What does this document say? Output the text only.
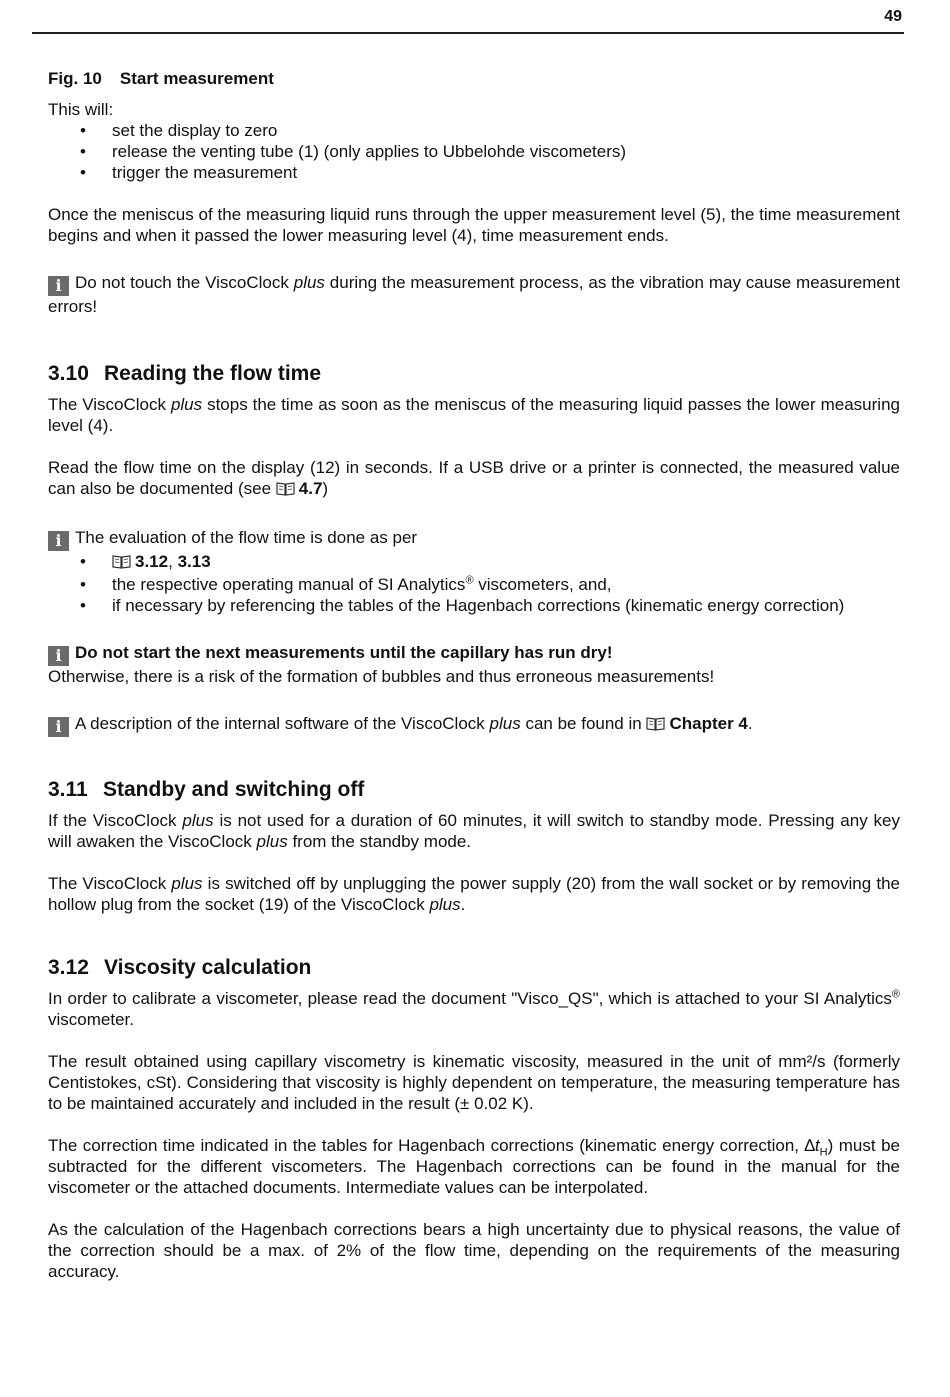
49

Fig. 10 Start measurement

This will:

• set the display to zero
• release the venting tube (1) (only applies to Ubbelohde viscometers)
• trigger the measurement

Once the meniscus of the measuring liquid runs through the upper measurement level (5), the time measurement begins and when it passed the lower measuring level (4), time measurement ends.

i Do not touch the ViscoClock plus during the measurement process, as the vibration may cause measurement errors!

3.10 Reading the flow time

The ViscoClock plus stops the time as soon as the meniscus of the measuring liquid passes the lower measuring level (4).

Read the flow time on the display (12) in seconds. If a USB drive or a printer is connected, the measured value can also be documented (see 4.7)

i The evaluation of the flow time is done as per

• 3.12, 3.13
• the respective operating manual of SI Analytics® viscometers, and,
• if necessary by referencing the tables of the Hagenbach corrections (kinematic energy correction)

i Do not start the next measurements until the capillary has run dry!

Otherwise, there is a risk of the formation of bubbles and thus erroneous measurements!

i A description of the internal software of the ViscoClock plus can be found in Chapter 4.

3.11 Standby and switching off

If the ViscoClock plus is not used for a duration of 60 minutes, it will switch to standby mode. Pressing any key will awaken the ViscoClock plus from the standby mode.

The ViscoClock plus is switched off by unplugging the power supply (20) from the wall socket or by removing the hollow plug from the socket (19) of the ViscoClock plus.

3.12 Viscosity calculation

In order to calibrate a viscometer, please read the document "Visco_QS", which is attached to your SI Analytics® viscometer.

The result obtained using capillary viscometry is kinematic viscosity, measured in the unit of mm²/s (formerly Centistokes, cSt). Considering that viscosity is highly dependent on temperature, the measuring temperature has to be maintained accurately and included in the result (± 0.02 K).

The correction time indicated in the tables for Hagenbach corrections (kinematic energy correction, $\Delta t_H$) must be subtracted for the different viscometers. The Hagenbach corrections can be found in the manual for the viscometer or the attached documents. Intermediate values can be interpolated.

As the calculation of the Hagenbach corrections bears a high uncertainty due to physical reasons, the value of the correction should be a max. of 2% of the flow time, depending on the requirements of the measuring accuracy.
